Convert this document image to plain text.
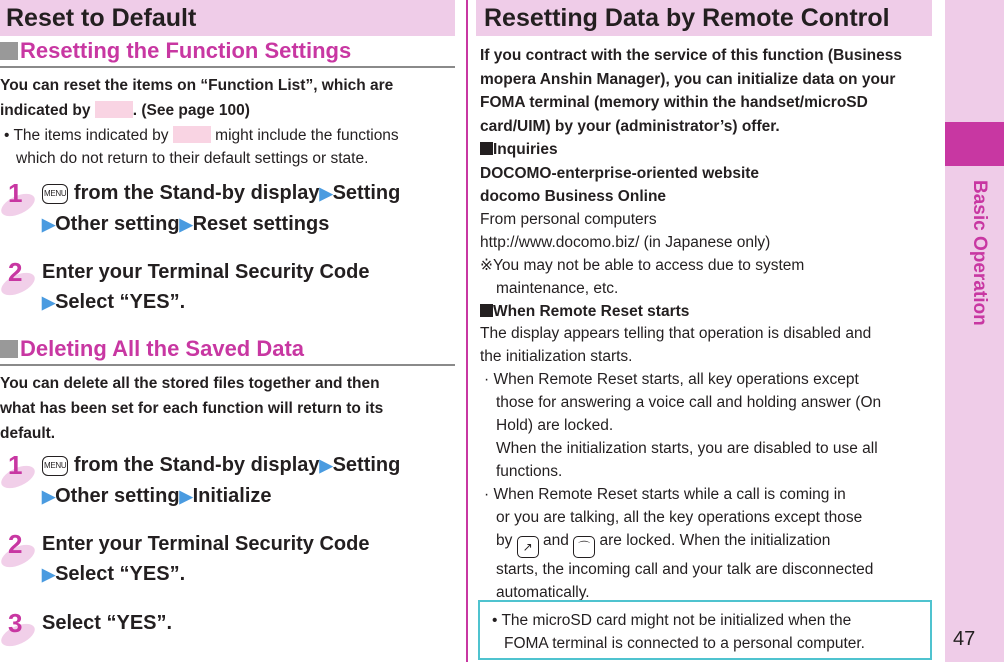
Reset to Default
Resetting the Function Settings
You can reset the items on “Function List”, which are
indicated by	. (See page 100)
• The items indicated by	might include the functions
which do not return to their default settings or state.
1	MENU from the Stand-by display▶Setting
▶Other setting▶Reset settings
2 Enter your Terminal Security Code
▶Select “YES”.
Deleting All the Saved Data
You can delete all the stored files together and then
what has been set for each function will return to its
default.
1	MENU from the Stand-by display▶Setting
▶Other setting▶Initialize
2 Enter your Terminal Security Code
▶Select “YES”.
3 Select “YES”.
Resetting Data by Remote Control
If you contract with the service of this function (Business
mopera Anshin Manager), you can initialize data on your
FOMA terminal (memory within the handset/microSD
card/UIM) by your (administrator’s) offer.
Inquiries
DOCOMO-enterprise-oriented website
docomo Business Online
From personal computers
http://www.docomo.biz/ (in Japanese only)
※You may not be able to access due to system
maintenance, etc.
When Remote Reset starts
The display appears telling that operation is disabled and
the initialization starts.
· When Remote Reset starts, all key operations except
those for answering a voice call and holding answer (On
Hold) are locked.
When the initialization starts, you are disabled to use all
functions.
· When Remote Reset starts while a call is coming in
or you are talking, all the key operations except those
by ↗ and ⌒ are locked. When the initialization
starts, the incoming call and your talk are disconnected
automatically.
• The microSD card might not be initialized when the
FOMA terminal is connected to a personal computer.
Basic Operation
47
